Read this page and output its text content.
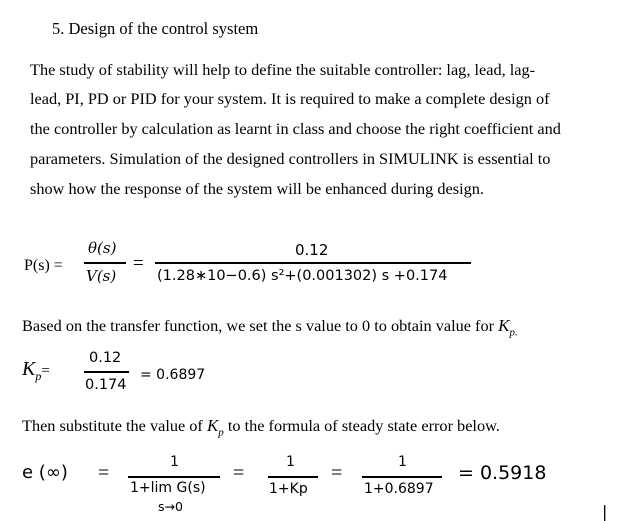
5. Design of the control system
The study of stability will help to define the suitable controller: lag, lead, lag-
lead, PI, PD or PID for your system. It is required to make a complete design of
the controller by calculation as learnt in class and choose the right coefficient and
parameters. Simulation of the designed controllers in SIMULINK is essential to
show how the response of the system will be enhanced during design.
P(s) =
θ(s)
V(s)
=
0.12
(1.28∗10−0.6) s²+(0.001302) s +0.174
Based on the transfer function, we set the s value to 0 to obtain value for $K_{p.}$
$K_p=$
0.12
0.174
= 0.6897
Then substitute the value of $K_p$ to the formula of steady state error below.
e (∞) =	1
1+lim G(s)
s→0
=	1
1+Kp
=	1
1+0.6897
= 0.5918
|
